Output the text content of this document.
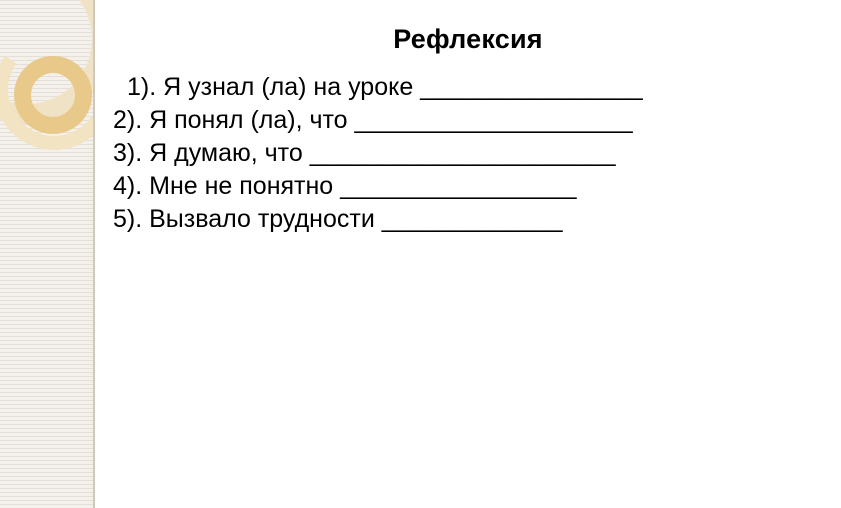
Рефлексия

1). Я узнал (ла) на уроке ________________

2). Я понял (ла), что ____________________

3). Я думаю, что ______________________

4). Мне не понятно _________________

5). Вызвало трудности _____________
